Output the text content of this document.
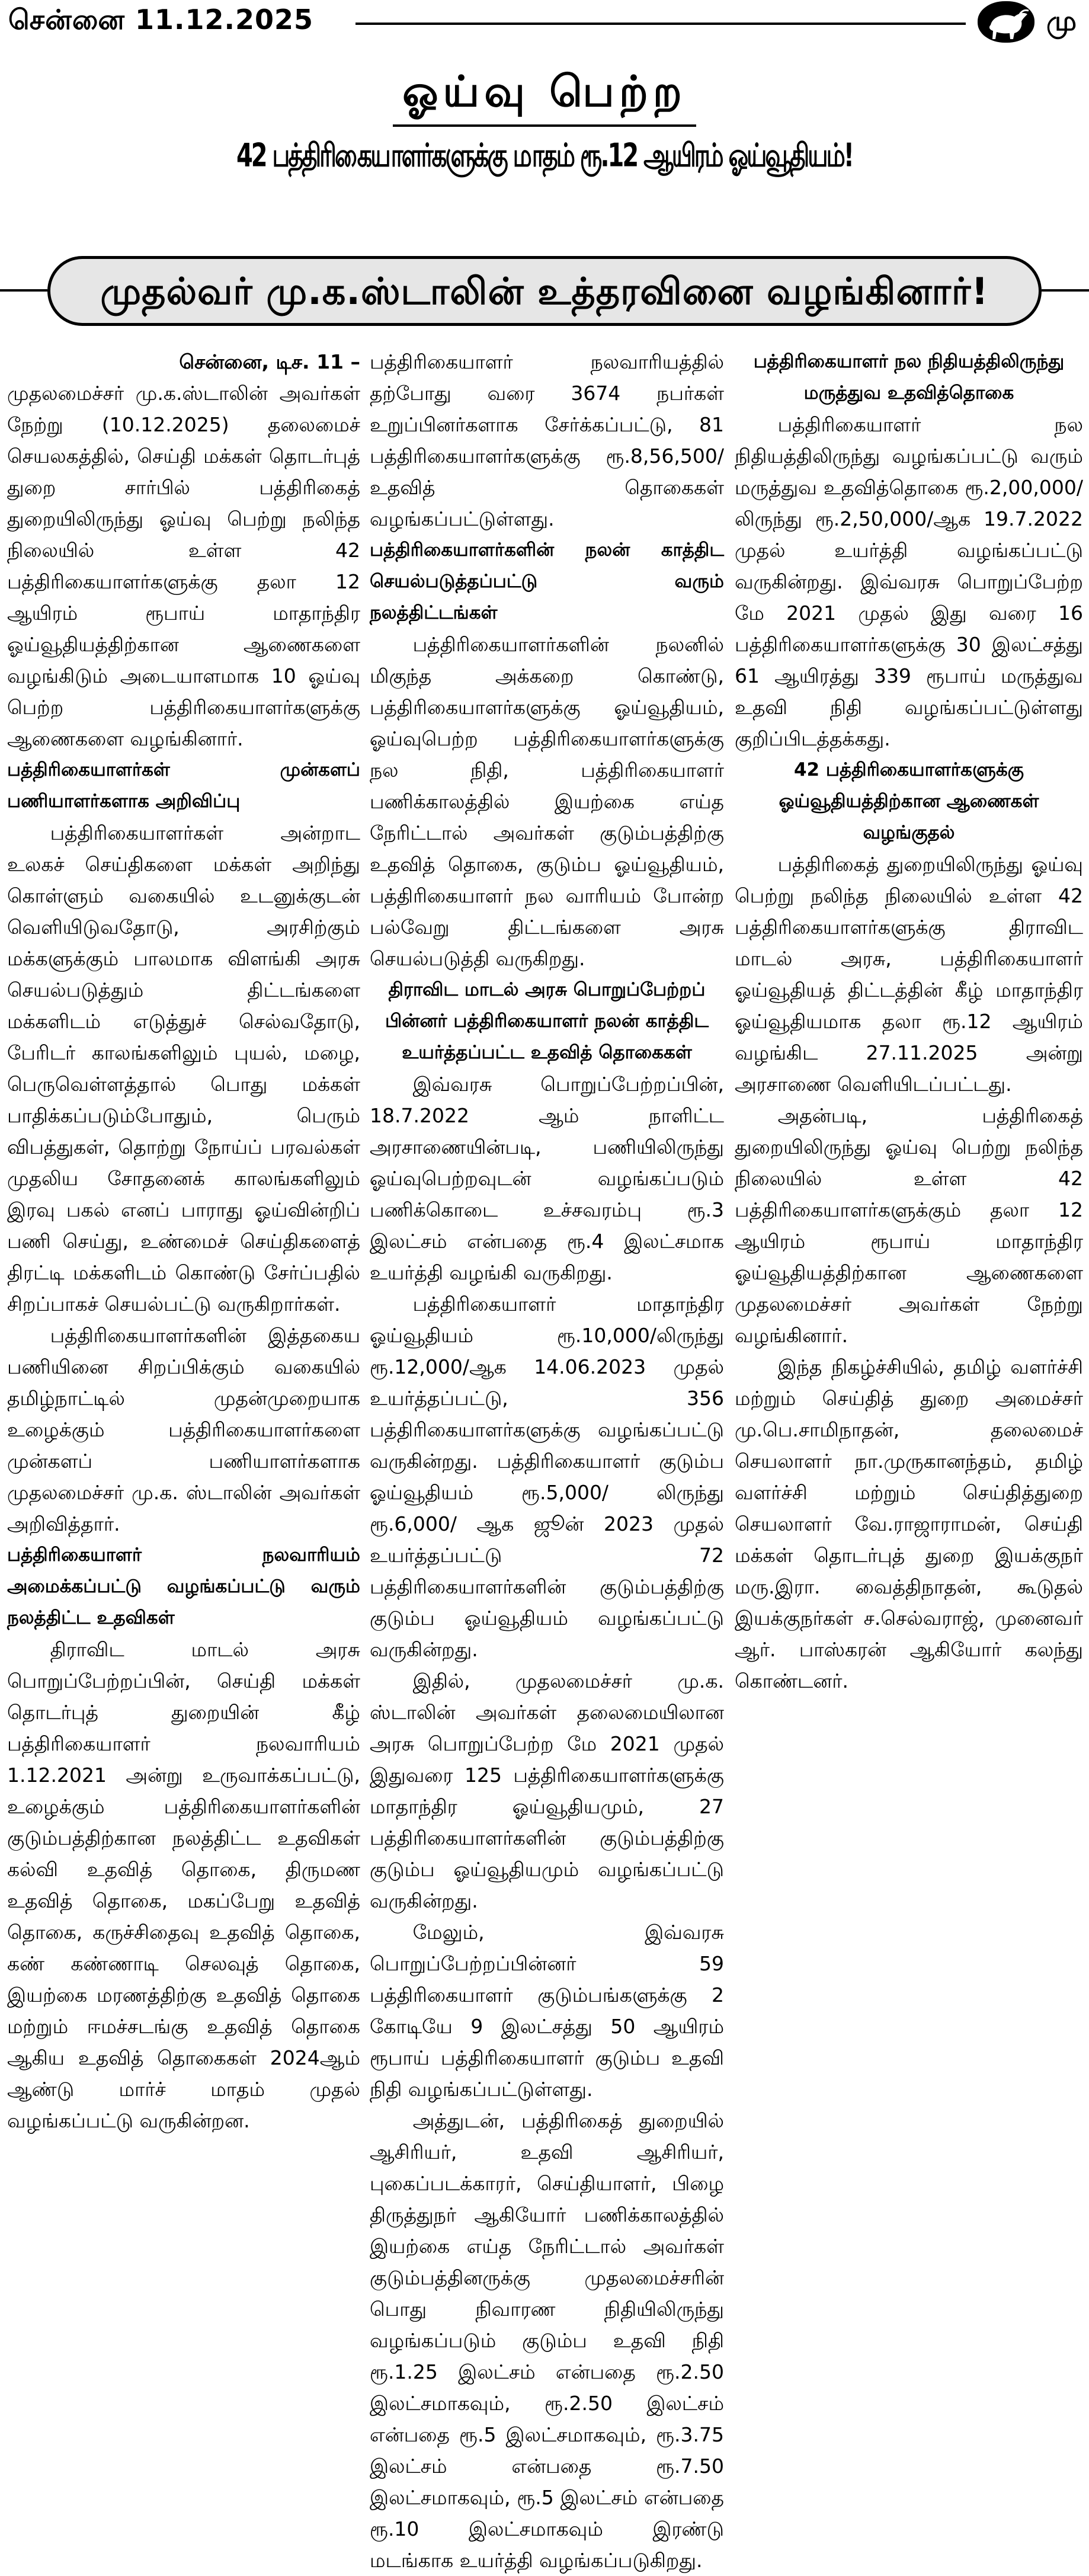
சென்னை 11.12.2025	மு
ஓய்வு பெற்ற
42 பத்திரிகையாளர்களுக்கு மாதம் ரூ.12 ஆயிரம் ஓய்வூதியம்!
முதல்வர் மு.க.ஸ்டாலின் உத்தரவினை வழங்கினார்!
சென்னை, டிச. 11 –

முதலமைச்சர் மு.க.ஸ்டாலின் அவர்கள் நேற்று (10.12.2025) தலைமைச் செயலகத்தில், செய்தி மக்கள் தொடர்புத் துறை சார்பில் பத்திரிகைத் துறையிலிருந்து ஓய்வு பெற்று நலிந்த நிலையில் உள்ள 42 பத்திரிகையாளர்களுக்கு தலா 12 ஆயிரம் ரூபாய் மாதாந்திர ஓய்வூதியத்திற்கான ஆணைகளை வழங்கிடும் அடையாளமாக 10 ஓய்வு பெற்ற பத்திரிகையாளர்களுக்கு ஆணைகளை வழங்கினார்.

பத்திரிகையாளர்கள் முன்களப் பணியாளர்களாக அறிவிப்பு

பத்திரிகையாளர்கள் அன்றாட உலகச் செய்திகளை மக்கள் அறிந்து கொள்ளும் வகையில் உடனுக்குடன் வெளியிடுவதோடு, அரசிற்கும் மக்களுக்கும் பாலமாக விளங்கி அரசு செயல்படுத்தும் திட்டங்களை மக்களிடம் எடுத்துச் செல்வதோடு, பேரிடர் காலங்களிலும் புயல், மழை, பெருவெள்ளத்தால் பொது மக்கள் பாதிக்கப்படும்போதும், பெரும் விபத்துகள், தொற்று நோய்ப் பரவல்கள் முதலிய சோதனைக் காலங்களிலும் இரவு பகல் எனப் பாராது ஓய்வின்றிப் பணி செய்து, உண்மைச் செய்திகளைத் திரட்டி மக்களிடம் கொண்டு சேர்ப்பதில் சிறப்பாகச் செயல்பட்டு வருகிறார்கள்.

பத்திரிகையாளர்களின் இத்தகைய பணியினை சிறப்பிக்கும் வகையில் தமிழ்நாட்டில் முதன்முறையாக உழைக்கும் பத்திரிகையாளர்களை முன்களப் பணியாளர்களாக முதலமைச்சர் மு.க. ஸ்டாலின் அவர்கள் அறிவித்தார்.

பத்திரிகையாளர் நலவாரியம் அமைக்கப்பட்டு வழங்கப்பட்டு வரும் நலத்திட்ட உதவிகள்

திராவிட மாடல் அரசு பொறுப்பேற்றப்பின், செய்தி மக்கள் தொடர்புத் துறையின் கீழ் பத்திரிகையாளர் நலவாரியம் 1.12.2021 அன்று உருவாக்கப்பட்டு, உழைக்கும் பத்திரிகையாளர்களின் குடும்பத்திற்கான நலத்திட்ட உதவிகள் கல்வி உதவித் தொகை, திருமண உதவித் தொகை, மகப்பேறு உதவித் தொகை, கருச்சிதைவு உதவித் தொகை, கண் கண்ணாடி செலவுத் தொகை, இயற்கை மரணத்திற்கு உதவித் தொகை மற்றும் ஈமச்சடங்கு உதவித் தொகை ஆகிய உதவித் தொகைகள் 2024ஆம் ஆண்டு மார்ச் மாதம் முதல் வழங்கப்பட்டு வருகின்றன.

பத்திரிகையாளர் நலவாரியத்தில் தற்போது வரை 3674 நபர்கள் உறுப்பினர்களாக சேர்க்கப்பட்டு, 81 பத்திரிகையாளர்களுக்கு ரூ.8,56,500/ உதவித் தொகைகள் வழங்கப்பட்டுள்ளது.

பத்திரிகையாளர்களின் நலன் காத்திட செயல்படுத்தப்பட்டு வரும் நலத்திட்டங்கள்

பத்திரிகையாளர்களின் நலனில் மிகுந்த அக்கறை கொண்டு, பத்திரிகையாளர்களுக்கு ஓய்வூதியம், ஓய்வுபெற்ற பத்திரிகையாளர்களுக்கு நல நிதி, பத்திரிகையாளர் பணிக்காலத்தில் இயற்கை எய்த நேரிட்டால் அவர்கள் குடும்பத்திற்கு உதவித் தொகை, குடும்ப ஓய்வூதியம், பத்திரிகையாளர் நல வாரியம் போன்ற பல்வேறு திட்டங்களை அரசு செயல்படுத்தி வருகிறது.

திராவிட மாடல் அரசு பொறுப்பேற்றப் பின்னர் பத்திரிகையாளர் நலன் காத்திட உயர்த்தப்பட்ட உதவித் தொகைகள்

இவ்வரசு பொறுப்பேற்றப்பின், 18.7.2022 ஆம் நாளிட்ட அரசாணையின்படி, பணியிலிருந்து ஓய்வுபெற்றவுடன் வழங்கப்படும் பணிக்கொடை உச்சவரம்பு ரூ.3 இலட்சம் என்பதை ரூ.4 இலட்சமாக உயர்த்தி வழங்கி வருகிறது.

பத்திரிகையாளர் மாதாந்திர ஓய்வூதியம் ரூ.10,000/லிருந்து ரூ.12,000/ஆக 14.06.2023 முதல் உயர்த்தப்பட்டு, 356 பத்திரிகையாளர்களுக்கு வழங்கப்பட்டு வருகின்றது. பத்திரிகையாளர் குடும்ப ஓய்வூதியம் ரூ.5,000/ லிருந்து ரூ.6,000/ ஆக ஜூன் 2023 முதல் உயர்த்தப்பட்டு 72 பத்திரிகையாளர்களின் குடும்பத்திற்கு குடும்ப ஓய்வூதியம் வழங்கப்பட்டு வருகின்றது.

இதில், முதலமைச்சர் மு.க. ஸ்டாலின் அவர்கள் தலைமையிலான அரசு பொறுப்பேற்ற மே 2021 முதல் இதுவரை 125 பத்திரிகையாளர்களுக்கு மாதாந்திர ஓய்வூதியமும், 27 பத்திரிகையாளர்களின் குடும்பத்திற்கு குடும்ப ஓய்வூதியமும் வழங்கப்பட்டு வருகின்றது.

மேலும், இவ்வரசு பொறுப்பேற்றப்பின்னர் 59 பத்திரிகையாளர் குடும்பங்களுக்கு 2 கோடியே 9 இலட்சத்து 50 ஆயிரம் ரூபாய் பத்திரிகையாளர் குடும்ப உதவி நிதி வழங்கப்பட்டுள்ளது.

அத்துடன், பத்திரிகைத் துறையில் ஆசிரியர், உதவி ஆசிரியர், புகைப்படக்காரர், செய்தியாளர், பிழை திருத்துநர் ஆகியோர் பணிக்காலத்தில் இயற்கை எய்த நேரிட்டால் அவர்கள் குடும்பத்தினருக்கு முதலமைச்சரின் பொது நிவாரண நிதியிலிருந்து வழங்கப்படும் குடும்ப உதவி நிதி ரூ.1.25 இலட்சம் என்பதை ரூ.2.50 இலட்சமாகவும், ரூ.2.50 இலட்சம் என்பதை ரூ.5 இலட்சமாகவும், ரூ.3.75 இலட்சம் என்பதை ரூ.7.50 இலட்சமாகவும், ரூ.5 இலட்சம் என்பதை ரூ.10 இலட்சமாகவும் இரண்டு மடங்காக உயர்த்தி வழங்கப்படுகிறது.

பத்திரிகையாளர் நல நிதியத்திலிருந்து மருத்துவ உதவித்தொகை

பத்திரிகையாளர் நல நிதியத்திலிருந்து வழங்கப்பட்டு வரும் மருத்துவ உதவித்தொகை ரூ.2,00,000/லிருந்து ரூ.2,50,000/ஆக 19.7.2022 முதல் உயர்த்தி வழங்கப்பட்டு வருகின்றது. இவ்வரசு பொறுப்பேற்ற மே 2021 முதல் இது வரை 16 பத்திரிகையாளர்களுக்கு 30 இலட்சத்து 61 ஆயிரத்து 339 ரூபாய் மருத்துவ உதவி நிதி வழங்கப்பட்டுள்ளது குறிப்பிடத்தக்கது.

42 பத்திரிகையாளர்களுக்கு ஓய்வூதியத்திற்கான ஆணைகள் வழங்குதல்

பத்திரிகைத் துறையிலிருந்து ஓய்வு பெற்று நலிந்த நிலையில் உள்ள 42 பத்திரிகையாளர்களுக்கு திராவிட மாடல் அரசு, பத்திரிகையாளர் ஓய்வூதியத் திட்டத்தின் கீழ் மாதாந்திர ஓய்வூதியமாக தலா ரூ.12 ஆயிரம் வழங்கிட 27.11.2025 அன்று அரசாணை வெளியிடப்பட்டது.

அதன்படி, பத்திரிகைத் துறையிலிருந்து ஓய்வு பெற்று நலிந்த நிலையில் உள்ள 42 பத்திரிகையாளர்களுக்கும் தலா 12 ஆயிரம் ரூபாய் மாதாந்திர ஓய்வூதியத்திற்கான ஆணைகளை முதலமைச்சர் அவர்கள் நேற்று வழங்கினார்.

இந்த நிகழ்ச்சியில், தமிழ் வளர்ச்சி மற்றும் செய்தித் துறை அமைச்சர் மு.பெ.சாமிநாதன், தலைமைச் செயலாளர் நா.முருகானந்தம், தமிழ் வளர்ச்சி மற்றும் செய்தித்துறை செயலாளர் வே.ராஜாராமன், செய்தி மக்கள் தொடர்புத் துறை இயக்குநர் மரு.இரா. வைத்திநாதன், கூடுதல் இயக்குநர்கள் ச.செல்வராஜ், முனைவர் ஆர். பாஸ்கரன் ஆகியோர் கலந்து கொண்டனர்.
